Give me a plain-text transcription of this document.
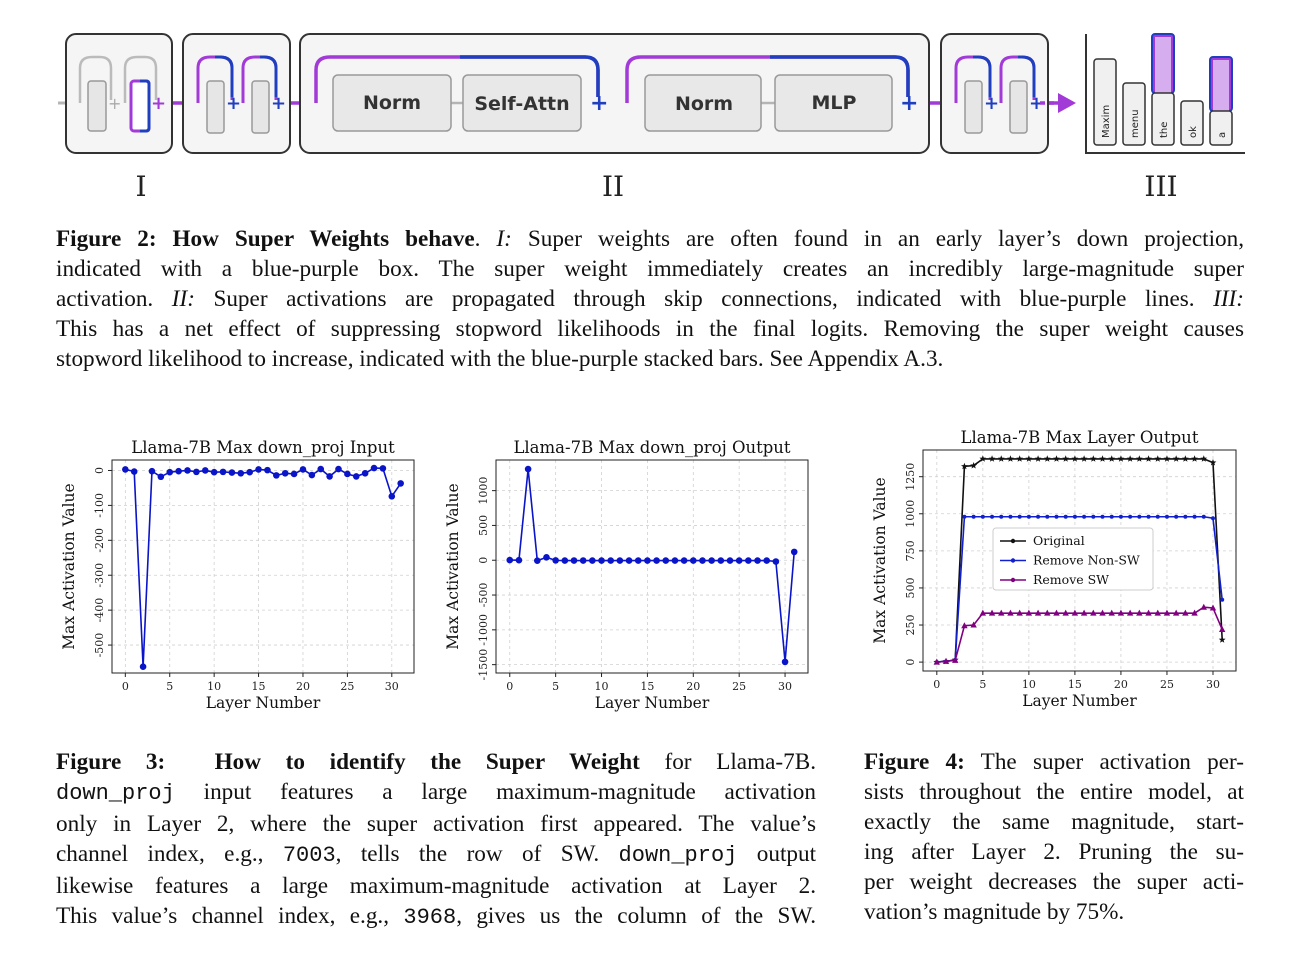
+ +	+ +	Norm	Self-Attn	Norm	MLP
+	+	+ +
Maxim menu the ok a
I	II	III
Figure 2: How Super Weights behave. I: Super weights are often found in an early layer’s down projection,
indicated with a blue-purple box. The super weight immediately creates an incredibly large-magnitude super
activation. II: Super activations are propagated through skip connections, indicated with blue-purple lines. III:
This has a net effect of suppressing stopword likelihoods in the final logits. Removing the super weight causes
stopword likelihood to increase, indicated with the blue-purple stacked bars. See Appendix A.3.
0	5	10	15	20	25	30
0
-100
-200
-300
-400
-500
Llama-7B Max down_proj Input
Layer Number
Max Activation Value
0	5	10	15	20	25	30
1000
500
0
-500
-1000
-1500
Llama-7B Max down_proj Output
Layer Number
Max Activation Value
0	5	10	15	20	25	30
0
250
500
750
1000
1250
Llama-7B Max Layer Output
Layer Number
Max Activation Value	Original
Remove Non-SW
Remove SW
Figure 3: How to identify the Super Weight for Llama-7B.
down_proj input features a large maximum-magnitude activation
only in Layer 2, where the super activation first appeared. The value’s
channel index, e.g., 7003, tells the row of SW. down_proj output
likewise features a large maximum-magnitude activation at Layer 2.
This value’s channel index, e.g., 3968, gives us the column of the SW.
Figure 4: The super activation per-
sists throughout the entire model, at
exactly the same magnitude, start-
ing after Layer 2. Pruning the su-
per weight decreases the super acti-
vation’s magnitude by 75%.
